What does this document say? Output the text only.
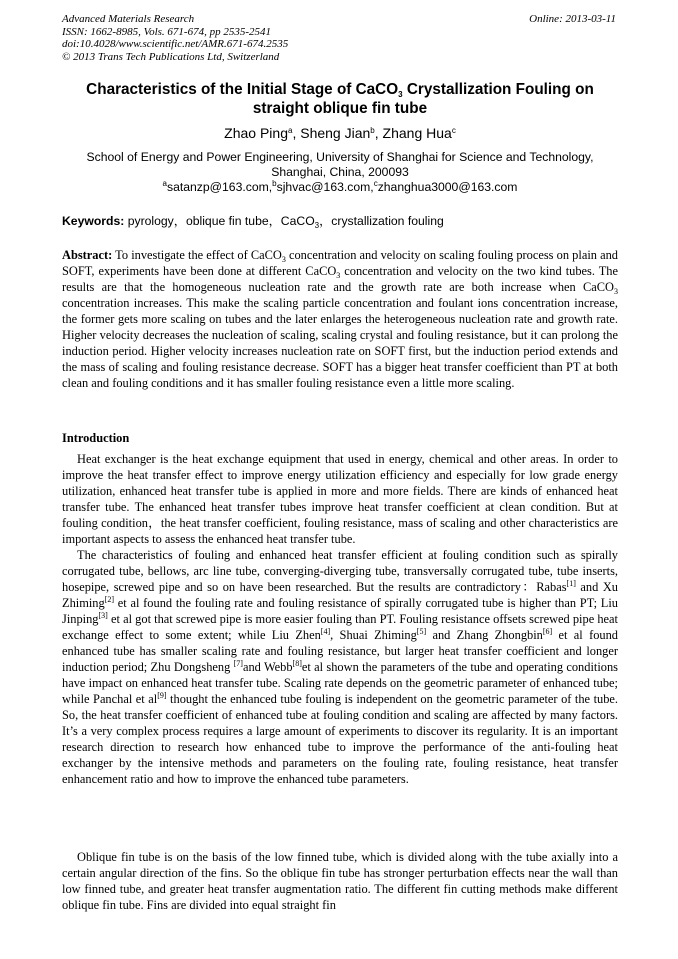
Advanced Materials Research
ISSN: 1662-8985, Vols. 671-674, pp 2535-2541
doi:10.4028/www.scientific.net/AMR.671-674.2535
© 2013 Trans Tech Publications Ltd, Switzerland
Online: 2013-03-11
Characteristics of the Initial Stage of CaCO$_3$ Crystallization Fouling on
straight oblique fin tube
Zhao Ping$^a$, Sheng Jian$^b$, Zhang Hua$^c$
School of Energy and Power Engineering, University of Shanghai for Science and Technology,
Shanghai, China, 200093
$^a$satanzp@163.com,$^b$sjhvac@163.com,$^c$zhanghua3000@163.com
Keywords: pyrology，oblique fin tube，CaCO$_3$，crystallization fouling
Abstract: To investigate the effect of CaCO$_3$ concentration and velocity on scaling fouling process on plain and SOFT, experiments have been done at different CaCO$_3$ concentration and velocity on the two kind tubes. The results are that the homogeneous nucleation rate and the growth rate are both increase when CaCO$_3$ concentration increases. This make the scaling particle concentration and foulant ions concentration increase, the former gets more scaling on tubes and the later enlarges the heterogeneous nucleation rate and growth rate. Higher velocity decreases the nucleation of scaling, scaling crystal and fouling resistance, but it can prolong the induction period. Higher velocity increases nucleation rate on SOFT first, but the induction period extends and the mass of scaling and fouling resistance decrease. SOFT has a bigger heat transfer coefficient than PT at both clean and fouling conditions and it has smaller fouling resistance even a little more scaling.
Introduction

Heat exchanger is the heat exchange equipment that used in energy, chemical and other areas. In order to improve the heat transfer effect to improve energy utilization efficiency and especially for low grade energy utilization, enhanced heat transfer tube is applied in more and more fields. There are kinds of enhanced heat transfer tube. The enhanced heat transfer tubes improve heat transfer coefficient at clean condition. But at fouling condition，the heat transfer coefficient, fouling resistance, mass of scaling and other characteristics are important aspects to assess the enhanced heat transfer tube.

The characteristics of fouling and enhanced heat transfer efficient at fouling condition such as spirally corrugated tube, bellows, arc line tube, converging-diverging tube, transversally corrugated tube, tube inserts, hosepipe, screwed pipe and so on have been researched. But the results are contradictory：Rabas[1] and Xu Zhiming[2] et al found the fouling rate and fouling resistance of spirally corrugated tube is higher than PT; Liu Jinping[3] et al got that screwed pipe is more easier fouling than PT. Fouling resistance offsets screwed pipe heat exchange effect to some extent; while Liu Zhen[4], Shuai Zhiming[5] and Zhang Zhongbin[6] et al found enhanced tube has smaller scaling rate and fouling resistance, but larger heat transfer coefficient and longer induction period; Zhu Dongsheng [7]and Webb[8]et al shown the parameters of the tube and operating conditions have impact on enhanced heat transfer tube. Scaling rate depends on the geometric parameter of enhanced tube; while Panchal et al[9] thought the enhanced tube fouling is independent on the geometric parameter of the tube. So, the heat transfer coefficient of enhanced tube at fouling condition and scaling are affected by many factors. It’s a very complex process requires a large amount of experiments to discover its regularity. It is an important research direction to research how enhanced tube to improve the performance of the anti-fouling heat exchanger by the intensive methods and parameters on the fouling rate, fouling resistance, heat transfer enhancement ratio and how to improve the enhanced tube parameters.

Oblique fin tube is on the basis of the low finned tube, which is divided along with the tube axially into a certain angular direction of the fins. So the oblique fin tube has stronger perturbation effects near the wall than low finned tube, and greater heat transfer augmentation ratio. The different fin cutting methods make different oblique fin tube. Fins are divided into equal straight fin
